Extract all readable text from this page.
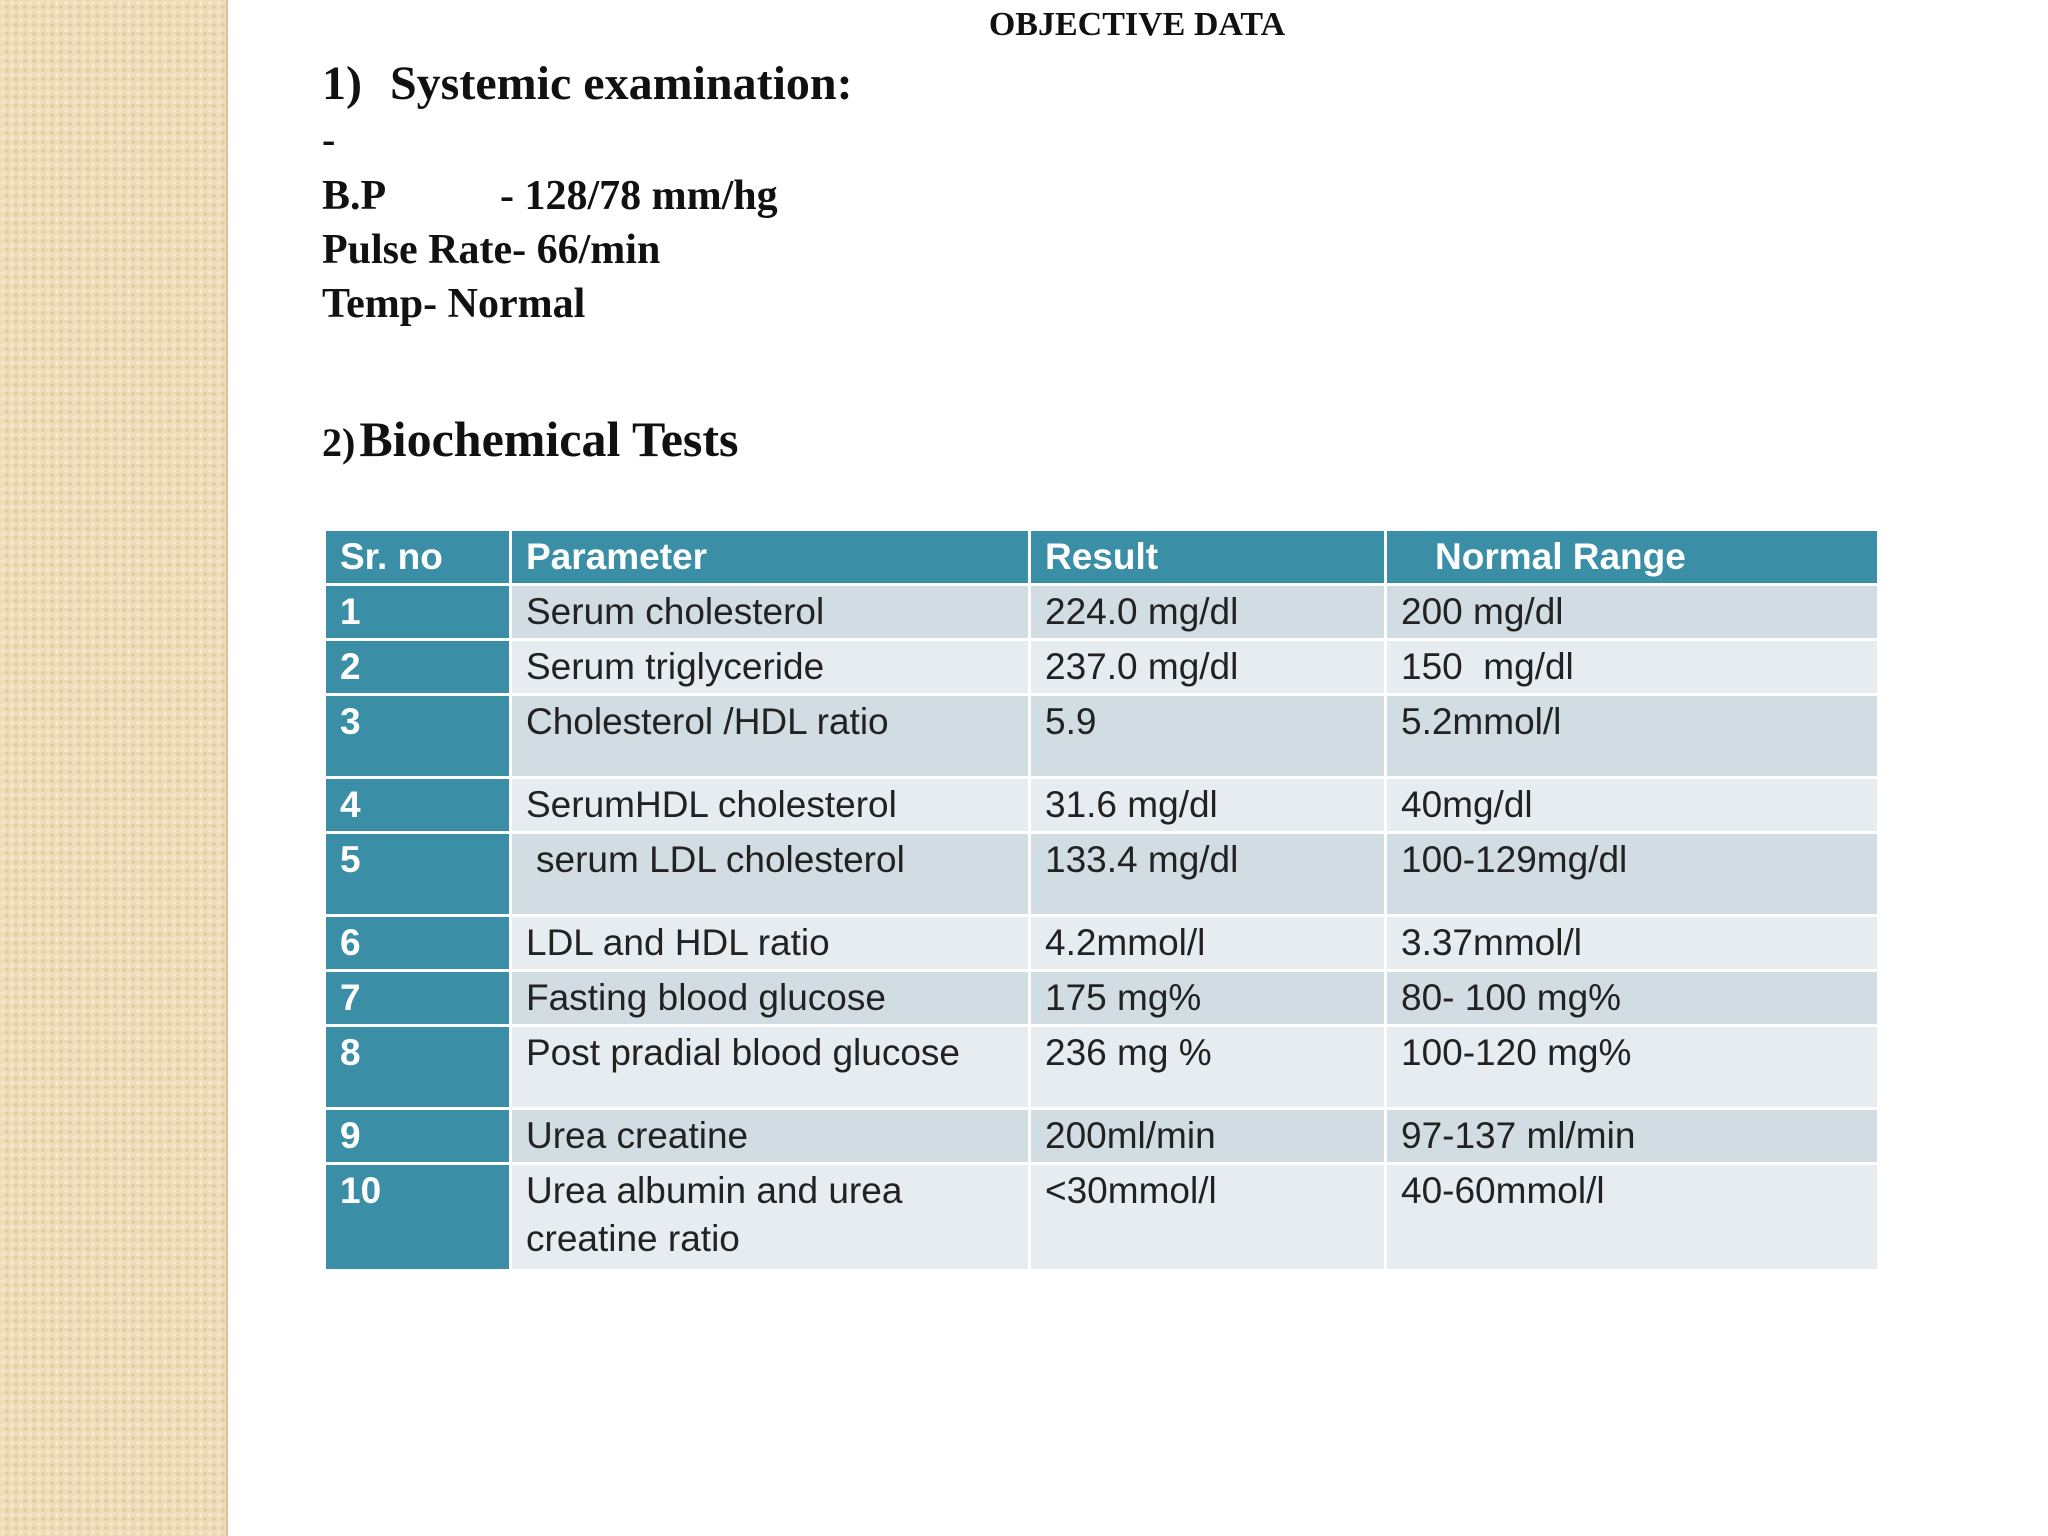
OBJECTIVE DATA
1) Systemic examination:
-
B.P	- 128/78 mm/hg
Pulse Rate- 66/min
Temp- Normal
2) Biochemical Tests
Sr. no	Parameter	Result	Normal Range
1	Serum cholesterol	224.0 mg/dl	200 mg/dl
2	Serum triglyceride	237.0 mg/dl	150  mg/dl
3	Cholesterol /HDL ratio	5.9	5.2mmol/l
4	SerumHDL cholesterol	31.6 mg/dl	40mg/dl
5	serum LDL cholesterol	133.4 mg/dl	100-129mg/dl
6	LDL and HDL ratio	4.2mmol/l	3.37mmol/l
7	Fasting blood glucose	175 mg%	80- 100 mg%
8	Post pradial blood glucose	236 mg %	100-120 mg%
9	Urea creatine	200ml/min	97-137 ml/min
10	Urea albumin and urea creatine ratio	<30mmol/l	40-60mmol/l
